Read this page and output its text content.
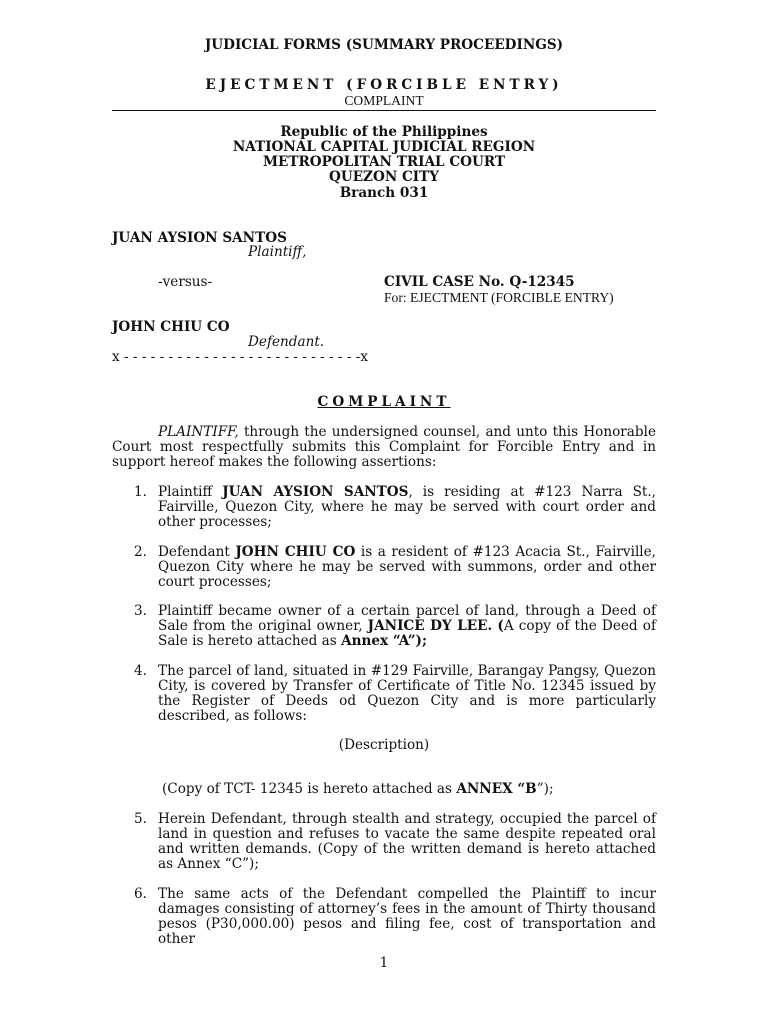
JUDICIAL FORMS (SUMMARY PROCEEDINGS)
EJECTMENT (FORCIBLE ENTRY)
COMPLAINT
Republic of the Philippines
NATIONAL CAPITAL JUDICIAL REGION
METROPOLITAN TRIAL COURT
QUEZON CITY
Branch 031
JUAN AYSION SANTOS
Plaintiff,
-versus-	CIVIL CASE No. Q-12345
For: EJECTMENT (FORCIBLE ENTRY)
JOHN CHIU CO
Defendant.
x - - - - - - - - - - - - - - - - - - - - - - - - - - -x
COMPLAINT
PLAINTIFF, through the undersigned counsel, and unto this Honorable Court most respectfully submits this Complaint for Forcible Entry and in support hereof makes the following assertions:
1. Plaintiff JUAN AYSION SANTOS, is residing at #123 Narra St., Fairville, Quezon City, where he may be served with court order and other processes;
2. Defendant JOHN CHIU CO is a resident of #123 Acacia St., Fairville, Quezon City where he may be served with summons, order and other court processes;
3. Plaintiff became owner of a certain parcel of land, through a Deed of Sale from the original owner, JANICE DY LEE. (A copy of the Deed of Sale is hereto attached as Annex “A”);
4. The parcel of land, situated in #129 Fairville, Barangay Pangsy, Quezon City, is covered by Transfer of Certificate of Title No. 12345 issued by the Register of Deeds od Quezon City and is more particularly described, as follows:
(Description)
(Copy of TCT- 12345 is hereto attached as ANNEX “B”);
5. Herein Defendant, through stealth and strategy, occupied the parcel of land in question and refuses to vacate the same despite repeated oral and written demands. (Copy of the written demand is hereto attached as Annex “C”);
6. The same acts of the Defendant compelled the Plaintiff to incur damages consisting of attorney’s fees in the amount of Thirty thousand pesos (P30,000.00) pesos and filing fee, cost of transportation and other
1
